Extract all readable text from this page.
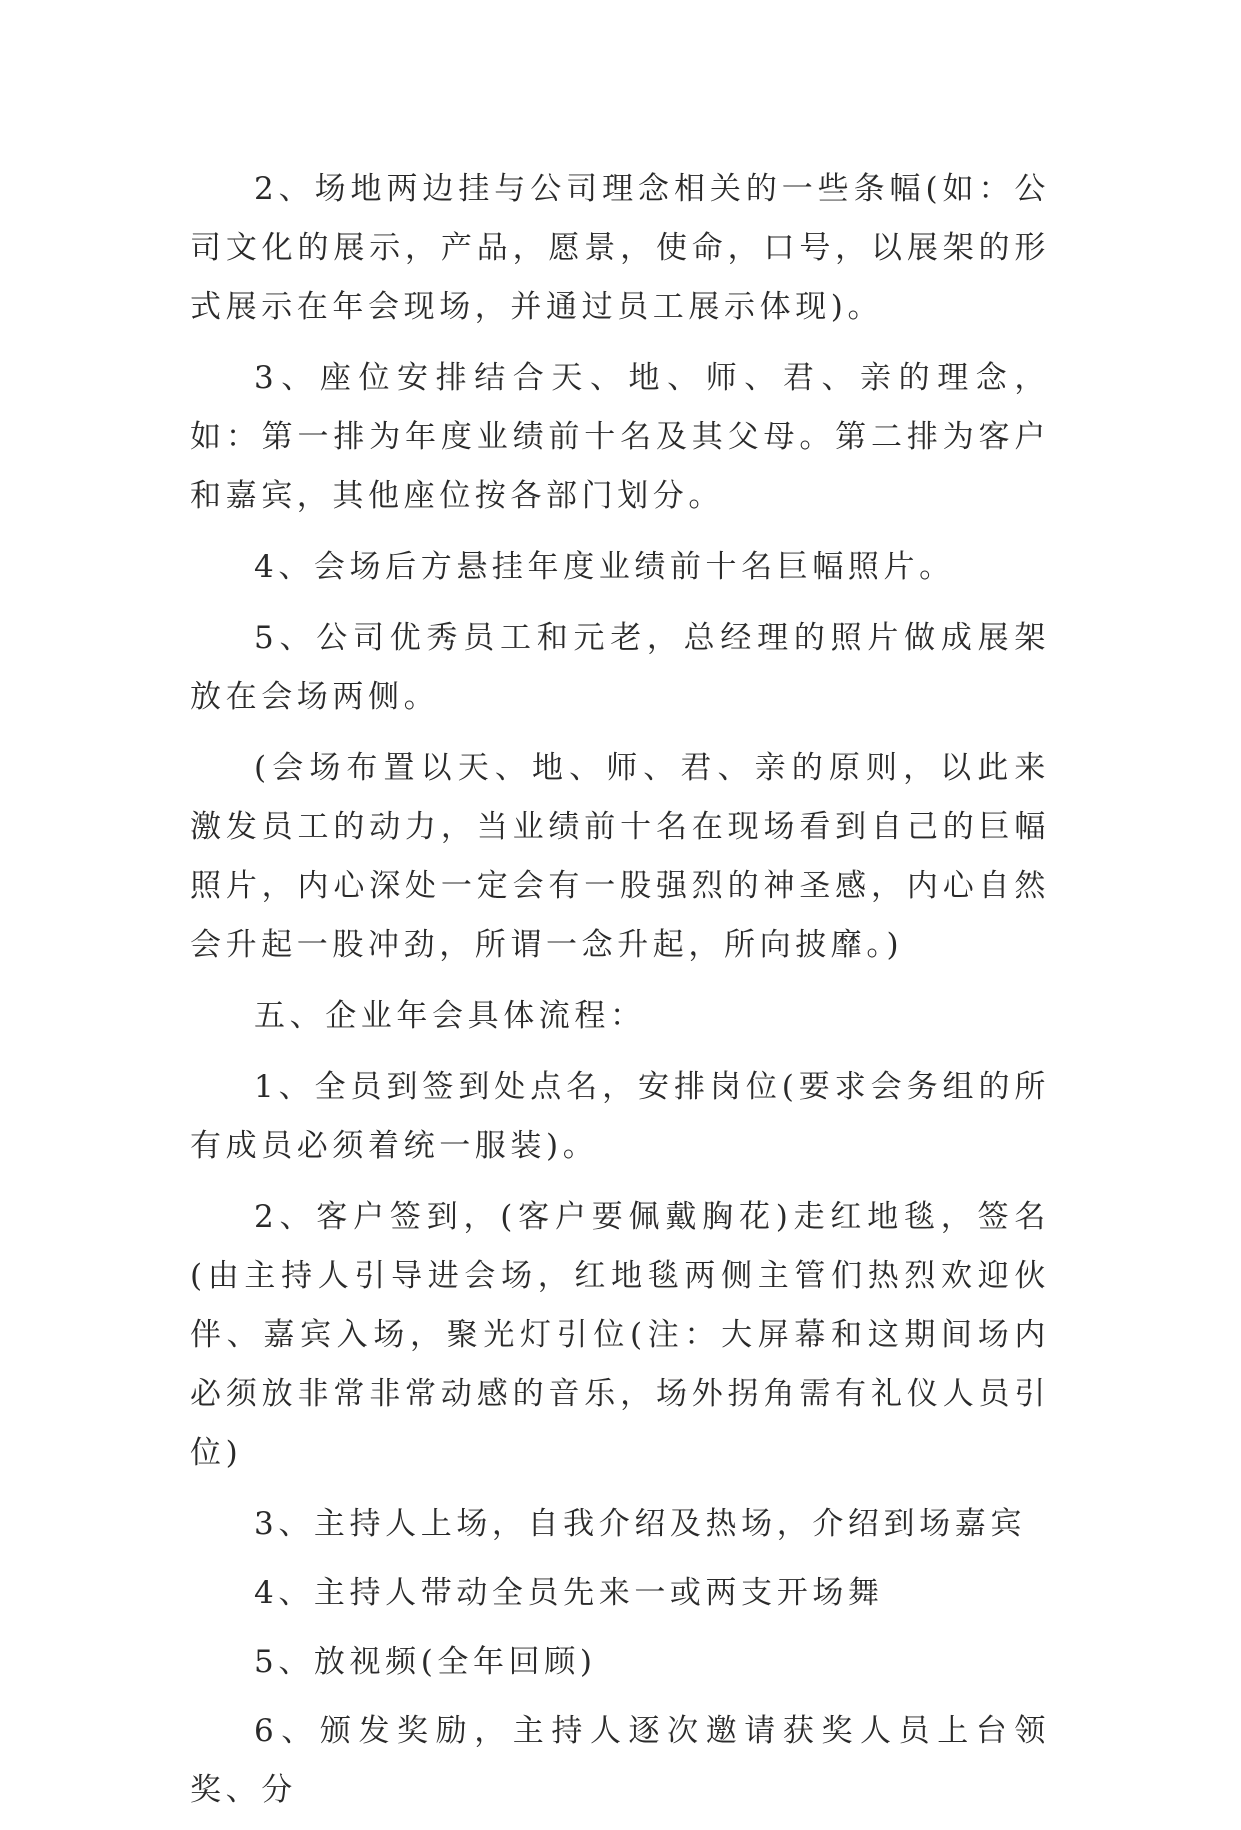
2、场地两边挂与公司理念相关的一些条幅(如：公司文化的展示，产品，愿景，使命，口号，以展架的形式展示在年会现场，并通过员工展示体现)。

3、座位安排结合天、地、师、君、亲的理念，如：第一排为年度业绩前十名及其父母。第二排为客户和嘉宾，其他座位按各部门划分。

4、会场后方悬挂年度业绩前十名巨幅照片。

5、公司优秀员工和元老，总经理的照片做成展架放在会场两侧。

(会场布置以天、地、师、君、亲的原则，以此来激发员工的动力，当业绩前十名在现场看到自己的巨幅照片，内心深处一定会有一股强烈的神圣感，内心自然会升起一股冲劲，所谓一念升起，所向披靡。)

五、企业年会具体流程：

1、全员到签到处点名，安排岗位(要求会务组的所有成员必须着统一服装)。

2、客户签到，(客户要佩戴胸花)走红地毯，签名(由主持人引导进会场，红地毯两侧主管们热烈欢迎伙伴、嘉宾入场，聚光灯引位(注：大屏幕和这期间场内必须放非常非常动感的音乐，场外拐角需有礼仪人员引位)

3、主持人上场，自我介绍及热场，介绍到场嘉宾

4、主持人带动全员先来一或两支开场舞

5、放视频(全年回顾)

6、颁发奖励，主持人逐次邀请获奖人员上台领奖、分
